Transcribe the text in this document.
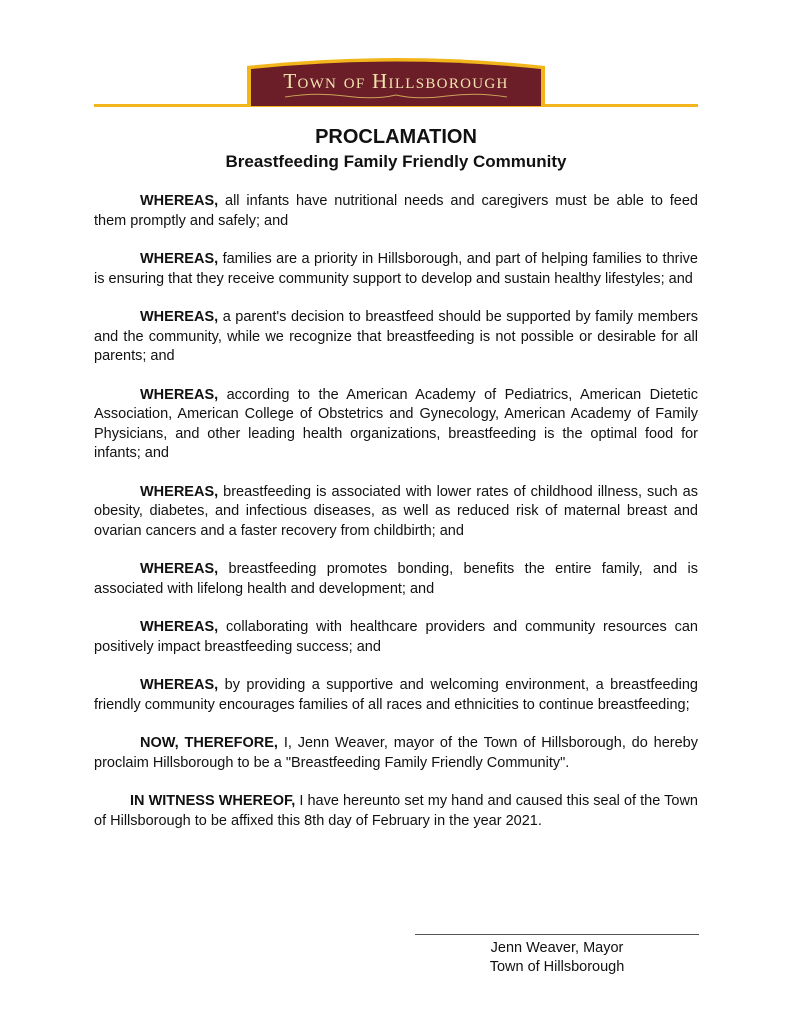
Town of Hillsborough
PROCLAMATION
Breastfeeding Family Friendly Community

WHEREAS, all infants have nutritional needs and caregivers must be able to feed them promptly and safely; and

WHEREAS, families are a priority in Hillsborough, and part of helping families to thrive is ensuring that they receive community support to develop and sustain healthy lifestyles; and

WHEREAS, a parent's decision to breastfeed should be supported by family members and the community, while we recognize that breastfeeding is not possible or desirable for all parents; and

WHEREAS, according to the American Academy of Pediatrics, American Dietetic Association, American College of Obstetrics and Gynecology, American Academy of Family Physicians, and other leading health organizations, breastfeeding is the optimal food for infants; and

WHEREAS, breastfeeding is associated with lower rates of childhood illness, such as obesity, diabetes, and infectious diseases, as well as reduced risk of maternal breast and ovarian cancers and a faster recovery from childbirth; and

WHEREAS, breastfeeding promotes bonding, benefits the entire family, and is associated with lifelong health and development; and

WHEREAS, collaborating with healthcare providers and community resources can positively impact breastfeeding success; and

WHEREAS, by providing a supportive and welcoming environment, a breastfeeding friendly community encourages families of all races and ethnicities to continue breastfeeding;

NOW, THEREFORE, I, Jenn Weaver, mayor of the Town of Hillsborough, do hereby proclaim Hillsborough to be a "Breastfeeding Family Friendly Community".

IN WITNESS WHEREOF, I have hereunto set my hand and caused this seal of the Town of Hillsborough to be affixed this 8th day of February in the year 2021.

Jenn Weaver, Mayor
Town of Hillsborough
